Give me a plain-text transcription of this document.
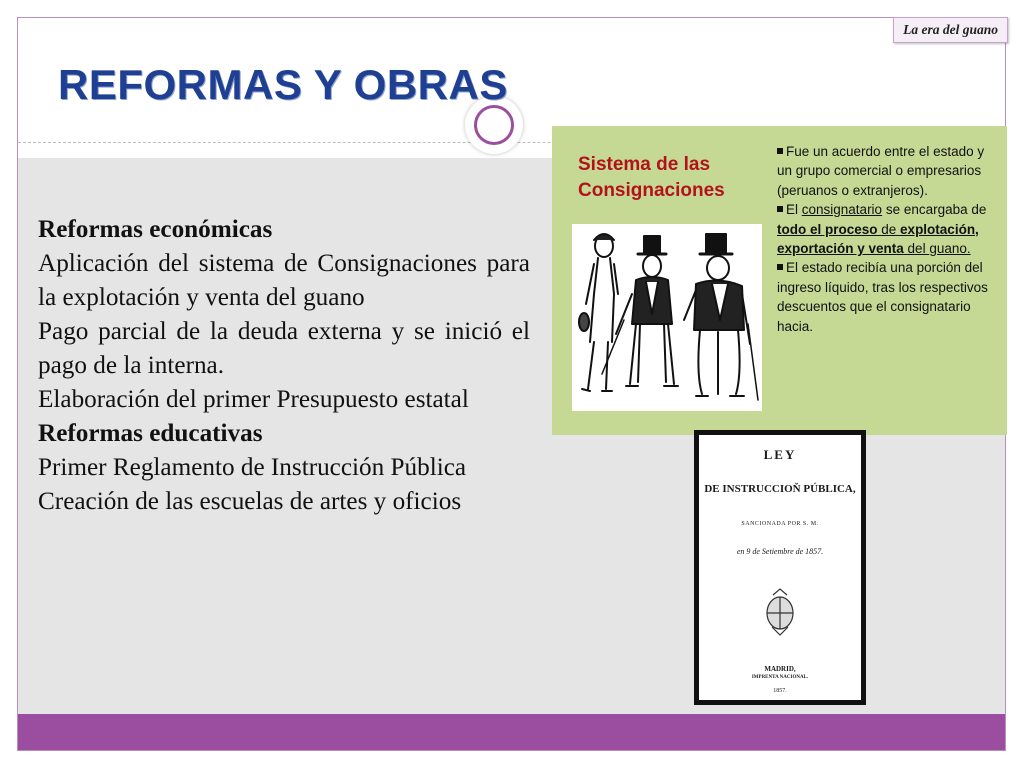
La era del guano
REFORMAS Y OBRAS

Reformas económicas

Aplicación del sistema de Consignaciones para la explotación y venta del guano

Pago parcial de la deuda externa y se inició el pago de la interna.

Elaboración del primer Presupuesto estatal

Reformas educativas

Primer Reglamento de Instrucción Pública

Creación de las escuelas de artes y oficios

Sistema de las
Consignaciones

Fue un acuerdo entre el estado y un grupo comercial o empresarios (peruanos o extranjeros).

El consignatario se encargaba de todo el proceso de explotación, exportación y venta del guano.

El estado recibía una porción del ingreso líquido, tras los respectivos descuentos que el consignatario hacia.

LEY
DE INSTRUCCIOŇ PÚBLICA,
SANCIONADA POR S. M.
en 9 de Setiembre de 1857.
MADRID,
IMPRENTA NACIONAL.
1857.
